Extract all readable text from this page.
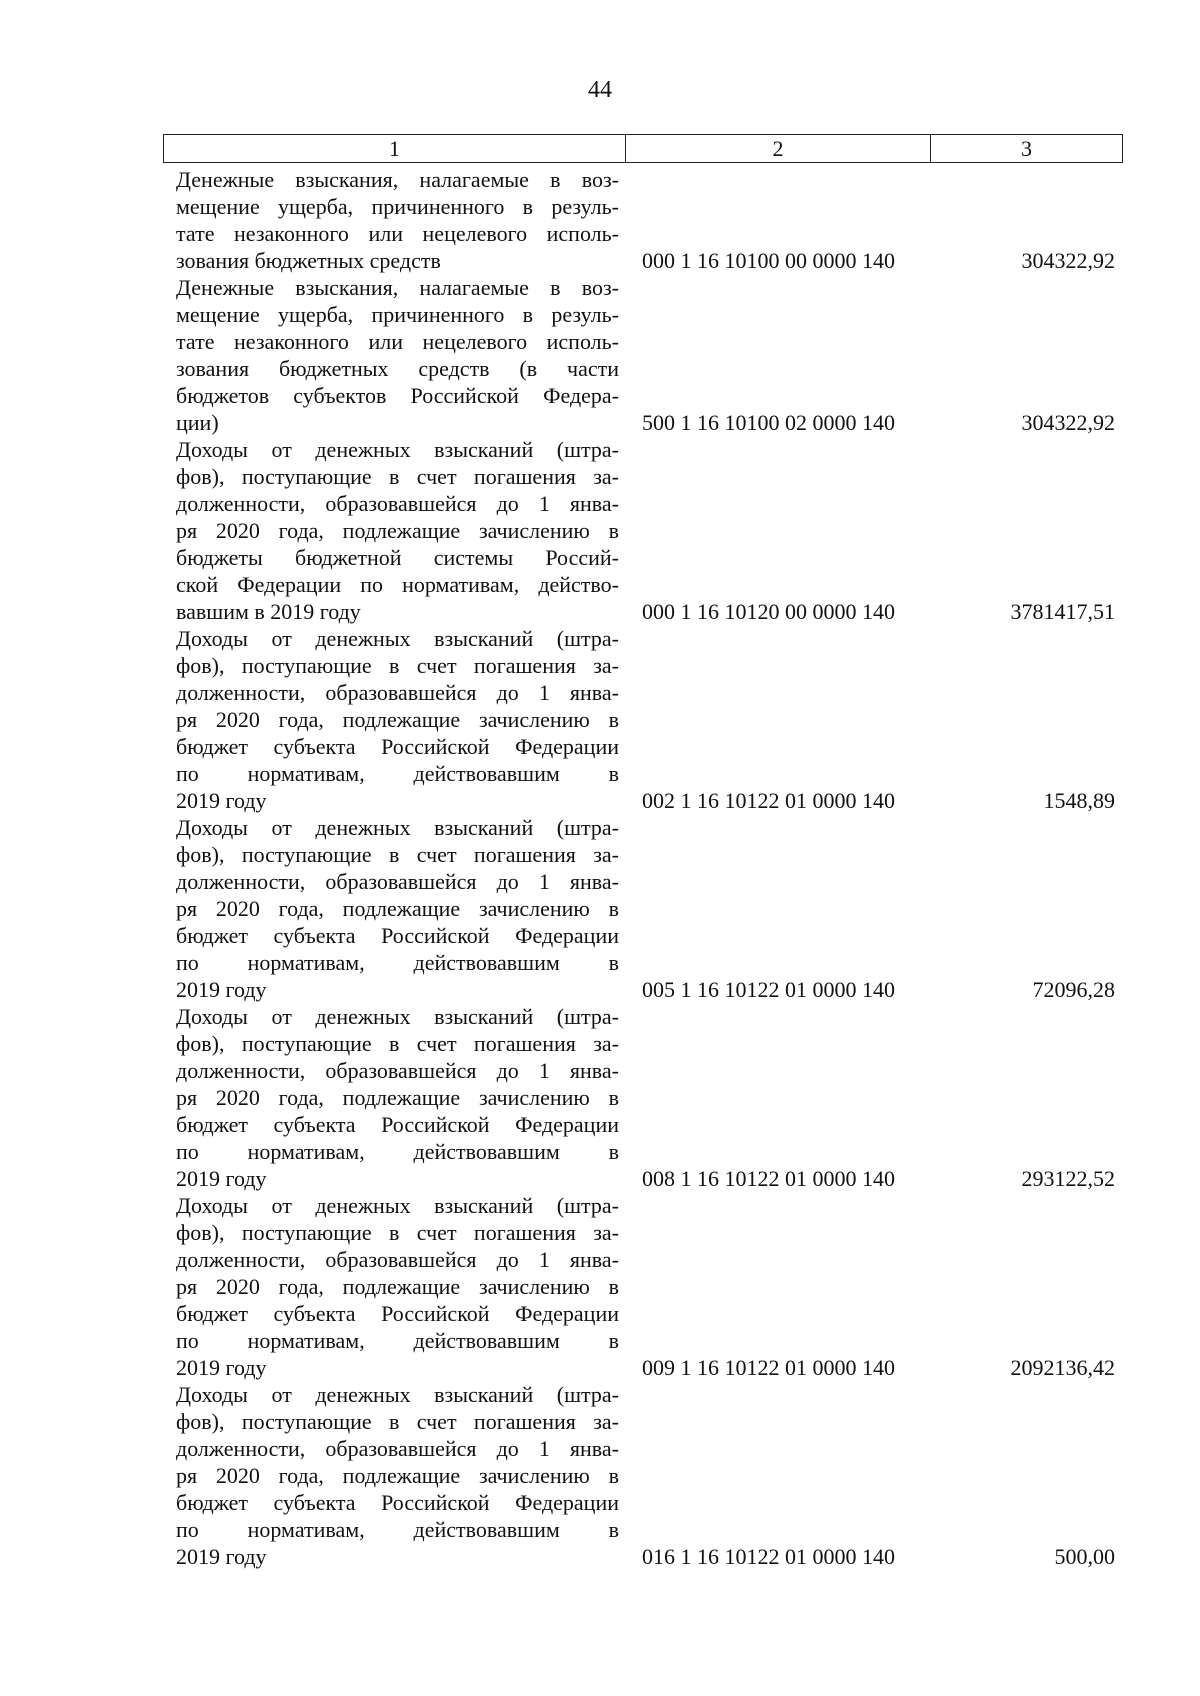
44
1	2	3
Денежные взыскания, налагаемые в воз-
мещение ущерба, причиненного в резуль-
тате незаконного или нецелевого исполь-
зования бюджетных средств	000 1 16 10100 00 0000 140	304322,92
Денежные взыскания, налагаемые в воз-
мещение ущерба, причиненного в резуль-
тате незаконного или нецелевого исполь-
зования бюджетных средств (в части
бюджетов субъектов Российской Федера-
ции)	500 1 16 10100 02 0000 140	304322,92
Доходы от денежных взысканий (штра-
фов), поступающие в счет погашения за-
долженности, образовавшейся до 1 янва-
ря 2020 года, подлежащие зачислению в
бюджеты бюджетной системы Россий-
ской Федерации по нормативам, действо-
вавшим в 2019 году	000 1 16 10120 00 0000 140	3781417,51
Доходы от денежных взысканий (штра-
фов), поступающие в счет погашения за-
долженности, образовавшейся до 1 янва-
ря 2020 года, подлежащие зачислению в
бюджет субъекта Российской Федерации
по нормативам, действовавшим в
2019 году	002 1 16 10122 01 0000 140	1548,89
Доходы от денежных взысканий (штра-
фов), поступающие в счет погашения за-
долженности, образовавшейся до 1 янва-
ря 2020 года, подлежащие зачислению в
бюджет субъекта Российской Федерации
по нормативам, действовавшим в
2019 году	005 1 16 10122 01 0000 140	72096,28
Доходы от денежных взысканий (штра-
фов), поступающие в счет погашения за-
долженности, образовавшейся до 1 янва-
ря 2020 года, подлежащие зачислению в
бюджет субъекта Российской Федерации
по нормативам, действовавшим в
2019 году	008 1 16 10122 01 0000 140	293122,52
Доходы от денежных взысканий (штра-
фов), поступающие в счет погашения за-
долженности, образовавшейся до 1 янва-
ря 2020 года, подлежащие зачислению в
бюджет субъекта Российской Федерации
по нормативам, действовавшим в
2019 году	009 1 16 10122 01 0000 140	2092136,42
Доходы от денежных взысканий (штра-
фов), поступающие в счет погашения за-
долженности, образовавшейся до 1 янва-
ря 2020 года, подлежащие зачислению в
бюджет субъекта Российской Федерации
по нормативам, действовавшим в
2019 году	016 1 16 10122 01 0000 140	500,00
